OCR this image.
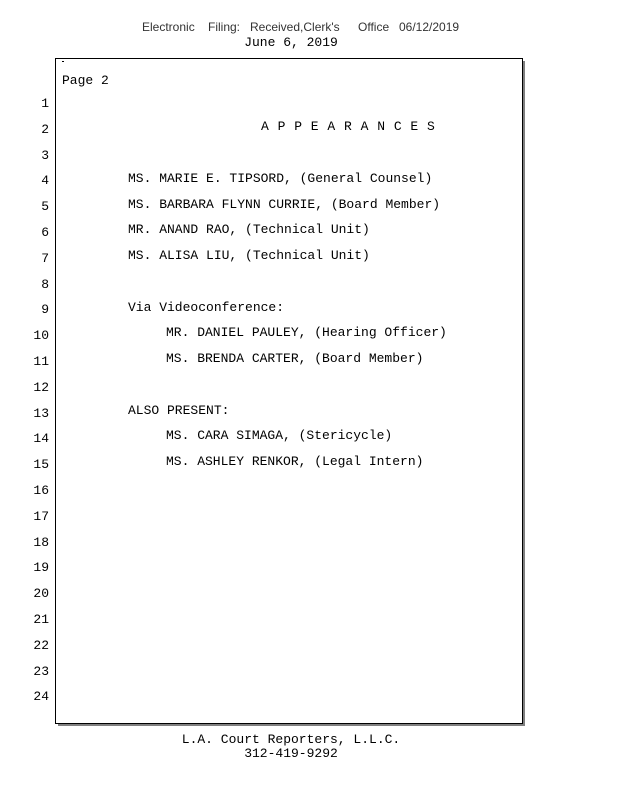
Electronic Filing: Received,Clerk's Office 06/12/2019
June 6, 2019
Page 2
1
2
3
4
5
6
7
8
9
10
11
12
13
14
15
16
17
18
19
20
21
22
23
24
A P P E A R A N C E S
MS. MARIE E. TIPSORD, (General Counsel)
MS. BARBARA FLYNN CURRIE, (Board Member)
MR. ANAND RAO, (Technical Unit)
MS. ALISA LIU, (Technical Unit)
Via Videoconference:
MR. DANIEL PAULEY, (Hearing Officer)
MS. BRENDA CARTER, (Board Member)
ALSO PRESENT:
MS. CARA SIMAGA, (Stericycle)
MS. ASHLEY RENKOR, (Legal Intern)
L.A. Court Reporters, L.L.C.
312-419-9292
